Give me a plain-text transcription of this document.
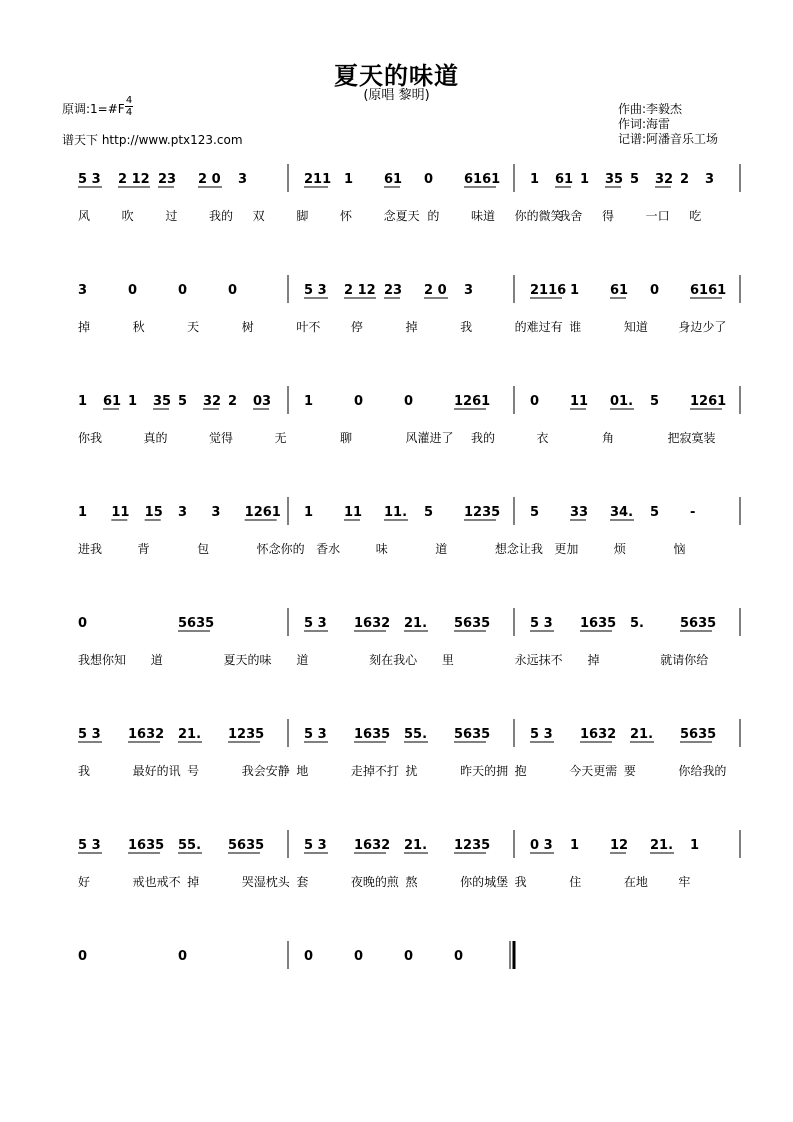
夏天的味道
(原唱 黎明)
原调:1=#F
4
4
谱天下 http://www.ptx123.com
作曲:李毅杰
作词:海雷
记谱:阿潘音乐工场
5 3 2 12 23 2 0 3	211 1 61 0 6161 1 61 1 35 5 32 2 3
风	吹	过	我的 双	脚	怀	念夏天 的	味道 你的微笑
我舍 得	一口 吃
3	0	0	0	5 3 2 12 23 2 0 3	2116 1 61 0 6161
掉	秋	天	树	叶不	停	掉	我	的难过有 谁	知道	身边少了
1 61 1 35 5 32 2 03	1	0	0	1261	0 11 01. 5 1261
你我	真的	觉得	无	聊	风灌进了 我的	衣	角	把寂寞装
1 11 15 3 3 1261 1 11 11. 5 1235 5 33 34. 5 -
进我	背	包	怀念你的 香水	味	道	想念让我 更加	烦	恼
0	5635	5 3 1632 21. 5635	5 3 1635 5.	5635
我想你知 道	夏天的味 道	刻在我心 里	永远抹不 掉	就请你给
5 3 1632 21. 1235	5 3 1635 55. 5635	5 3 1632 21. 5635
我	最好的讯 号	我会安静 地	走掉不打 扰	昨天的拥 抱	今天更需 要	你给我的
5 3 1635 55. 5635	5 3 1632 21. 1235	0 3 1 12 21. 1
好	戒也戒不 掉	哭湿枕头 套	夜晚的煎 熬	你的城堡 我	住	在地	牢
0	0	0	0	0	0
